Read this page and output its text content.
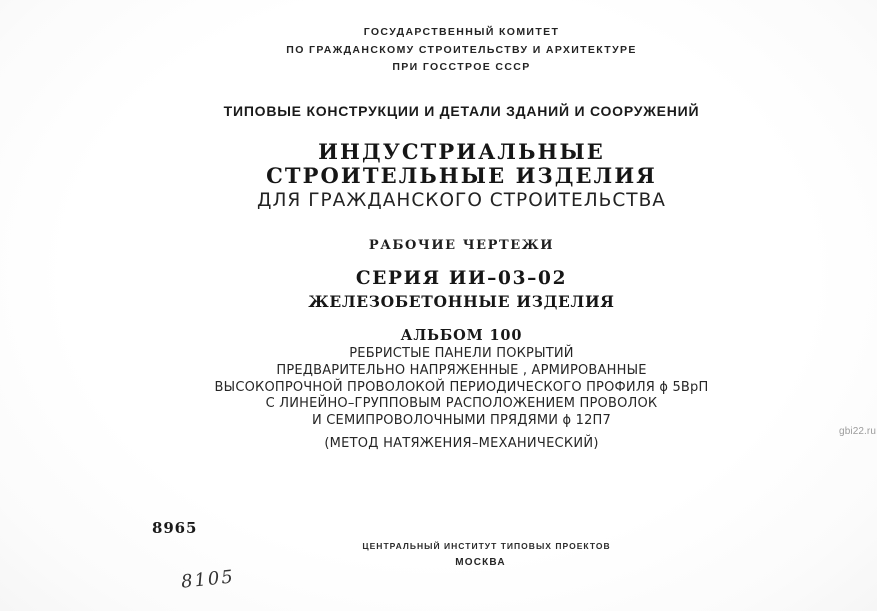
ГОСУДАРСТВЕННЫЙ КОМИТЕТ
ПО ГРАЖДАНСКОМУ СТРОИТЕЛЬСТВУ И АРХИТЕКТУРЕ
ПРИ ГОССТРОЕ СССР
ТИПОВЫЕ КОНСТРУКЦИИ И ДЕТАЛИ ЗДАНИЙ И СООРУЖЕНИЙ
ИНДУСТРИАЛЬНЫЕ
СТРОИТЕЛЬНЫЕ ИЗДЕЛИЯ
ДЛЯ ГРАЖДАНСКОГО СТРОИТЕЛЬСТВА
РАБОЧИЕ ЧЕРТЕЖИ
СЕРИЯ ИИ–03–02
ЖЕЛЕЗОБЕТОННЫЕ ИЗДЕЛИЯ
АЛЬБОМ 100
РЕБРИСТЫЕ ПАНЕЛИ ПОКРЫТИЙ
ПРЕДВАРИТЕЛЬНО НАПРЯЖЕННЫЕ , АРМИРОВАННЫЕ
ВЫСОКОПРОЧНОЙ ПРОВОЛОКОЙ ПЕРИОДИЧЕСКОГО ПРОФИЛЯ ϕ 5ВрП
С ЛИНЕЙНО–ГРУППОВЫМ РАСПОЛОЖЕНИЕМ ПРОВОЛОК
И СЕМИПРОВОЛОЧНЫМИ ПРЯДЯМИ ϕ 12П7
(МЕТОД НАТЯЖЕНИЯ–МЕХАНИЧЕСКИЙ)
8965
ЦЕНТРАЛЬНЫЙ ИНСТИТУТ ТИПОВЫХ ПРОЕКТОВ
МОСКВА
8105
gbi22.ru
